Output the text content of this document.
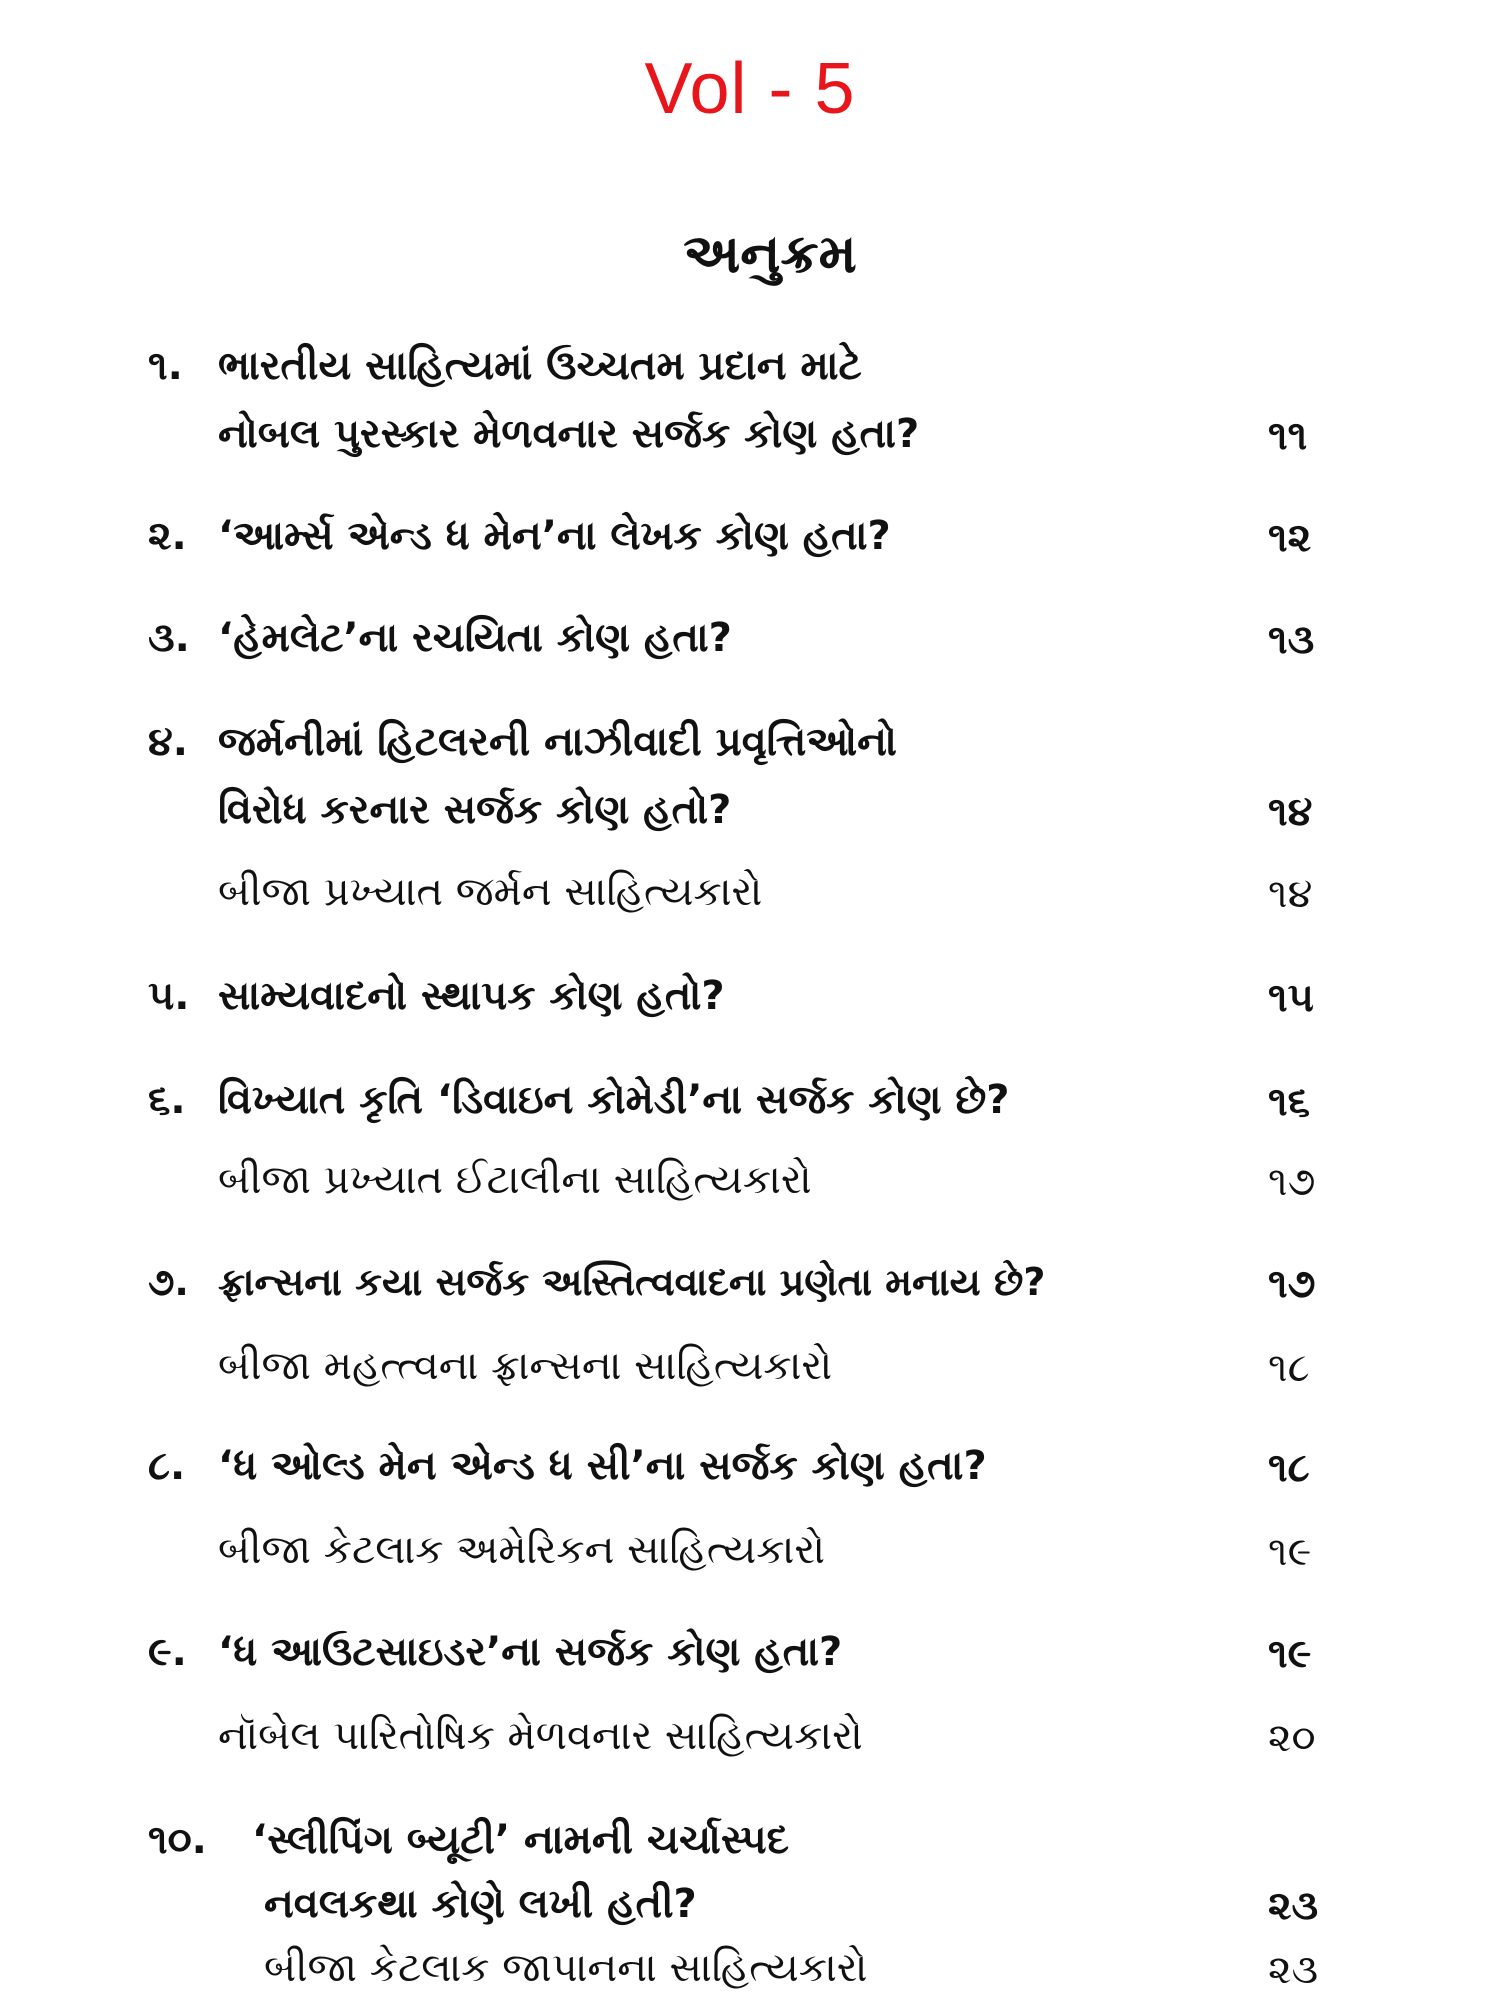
Vol - 5
અનુક્રમ
૧. ભારતીય સાહિત્યમાં ઉચ્ચતમ પ્રદાન માટે
નોબલ પુરસ્કાર મેળવનાર સર્જક કોણ હતા?	૧૧
૨. ‘આર્મ્સ એન્ડ ધ મેન’ના લેખક કોણ હતા?	૧૨
૩. ‘હેમલેટ’ના રચયિતા કોણ હતા?	૧૩
૪. જર્મનીમાં હિટલરની નાઝીવાદી પ્રવૃત્તિઓનો
વિરોધ કરનાર સર્જક કોણ હતો?	૧૪
બીજા પ્રખ્યાત જર્મન સાહિત્યકારો	૧૪
૫. સામ્યવાદનો સ્થાપક કોણ હતો?	૧૫
૬. વિખ્યાત કૃતિ ‘ડિવાઇન કોમેડી’ના સર્જક કોણ છે?	૧૬
બીજા પ્રખ્યાત ઈટાલીના સાહિત્યકારો	૧૭
૭. ફ્રાન્સના કયા સર્જક અસ્તિત્વવાદના પ્રણેતા મનાય છે?	૧૭
બીજા મહત્ત્વના ફ્રાન્સના સાહિત્યકારો	૧૮
૮. ‘ધ ઓલ્ડ મેન એન્ડ ધ સી’ના સર્જક કોણ હતા?	૧૮
બીજા કેટલાક અમેરિકન સાહિત્યકારો	૧૯
૯. ‘ધ આઉટસાઇડર’ના સર્જક કોણ હતા?	૧૯
નૉબેલ પારિતોષિક મેળવનાર સાહિત્યકારો	૨૦
૧૦. ‘સ્લીપિંગ બ્યૂટી’ નામની ચર્ચાસ્પદ
નવલકથા કોણે લખી હતી?	૨૩
બીજા કેટલાક જાપાનના સાહિત્યકારો	૨૩
